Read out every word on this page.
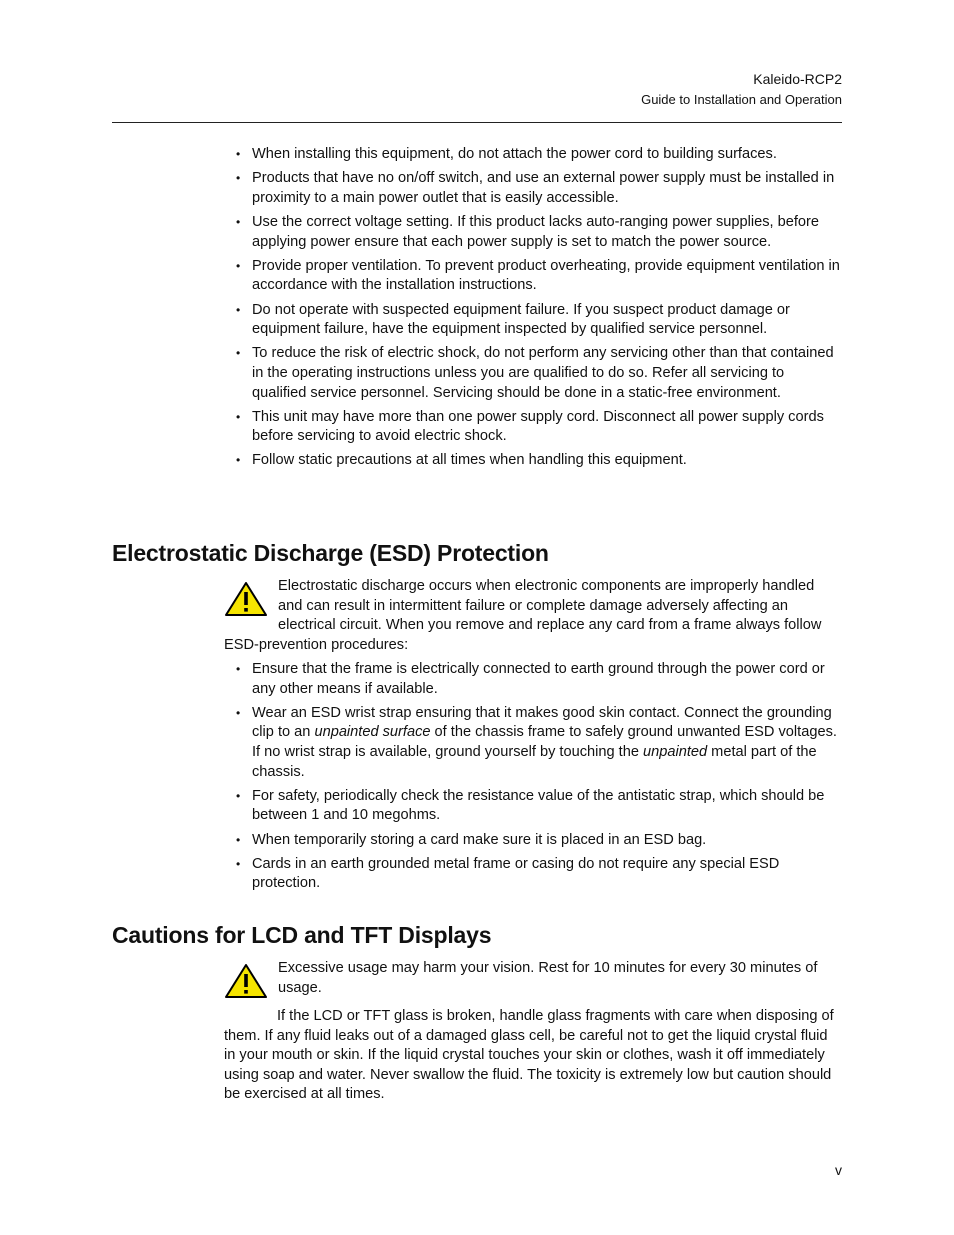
Kaleido-RCP2
Guide to Installation and Operation
• When installing this equipment, do not attach the power cord to building surfaces.
• Products that have no on/off switch, and use an external power supply must be installed in proximity to a main power outlet that is easily accessible.
• Use the correct voltage setting. If this product lacks auto-ranging power supplies, before applying power ensure that each power supply is set to match the power source.
• Provide proper ventilation. To prevent product overheating, provide equipment ventilation in accordance with the installation instructions.
• Do not operate with suspected equipment failure. If you suspect product damage or equipment failure, have the equipment inspected by qualified service personnel.
• To reduce the risk of electric shock, do not perform any servicing other than that contained in the operating instructions unless you are qualified to do so. Refer all servicing to qualified service personnel. Servicing should be done in a static-free environment.
• This unit may have more than one power supply cord. Disconnect all power supply cords before servicing to avoid electric shock.
• Follow static precautions at all times when handling this equipment.
Electrostatic Discharge (ESD) Protection
Electrostatic discharge occurs when electronic components are improperly handled and can result in intermittent failure or complete damage adversely affecting an electrical circuit. When you remove and replace any card from a frame always follow ESD-prevention procedures:
• Ensure that the frame is electrically connected to earth ground through the power cord or any other means if available.
• Wear an ESD wrist strap ensuring that it makes good skin contact. Connect the grounding clip to an unpainted surface of the chassis frame to safely ground unwanted ESD voltages. If no wrist strap is available, ground yourself by touching the unpainted metal part of the chassis.
• For safety, periodically check the resistance value of the antistatic strap, which should be between 1 and 10 megohms.
• When temporarily storing a card make sure it is placed in an ESD bag.
• Cards in an earth grounded metal frame or casing do not require any special ESD protection.
Cautions for LCD and TFT Displays
Excessive usage may harm your vision. Rest for 10 minutes for every 30 minutes of usage.
If the LCD or TFT glass is broken, handle glass fragments with care when disposing of them. If any fluid leaks out of a damaged glass cell, be careful not to get the liquid crystal fluid in your mouth or skin. If the liquid crystal touches your skin or clothes, wash it off immediately using soap and water. Never swallow the fluid. The toxicity is extremely low but caution should be exercised at all times.
v
